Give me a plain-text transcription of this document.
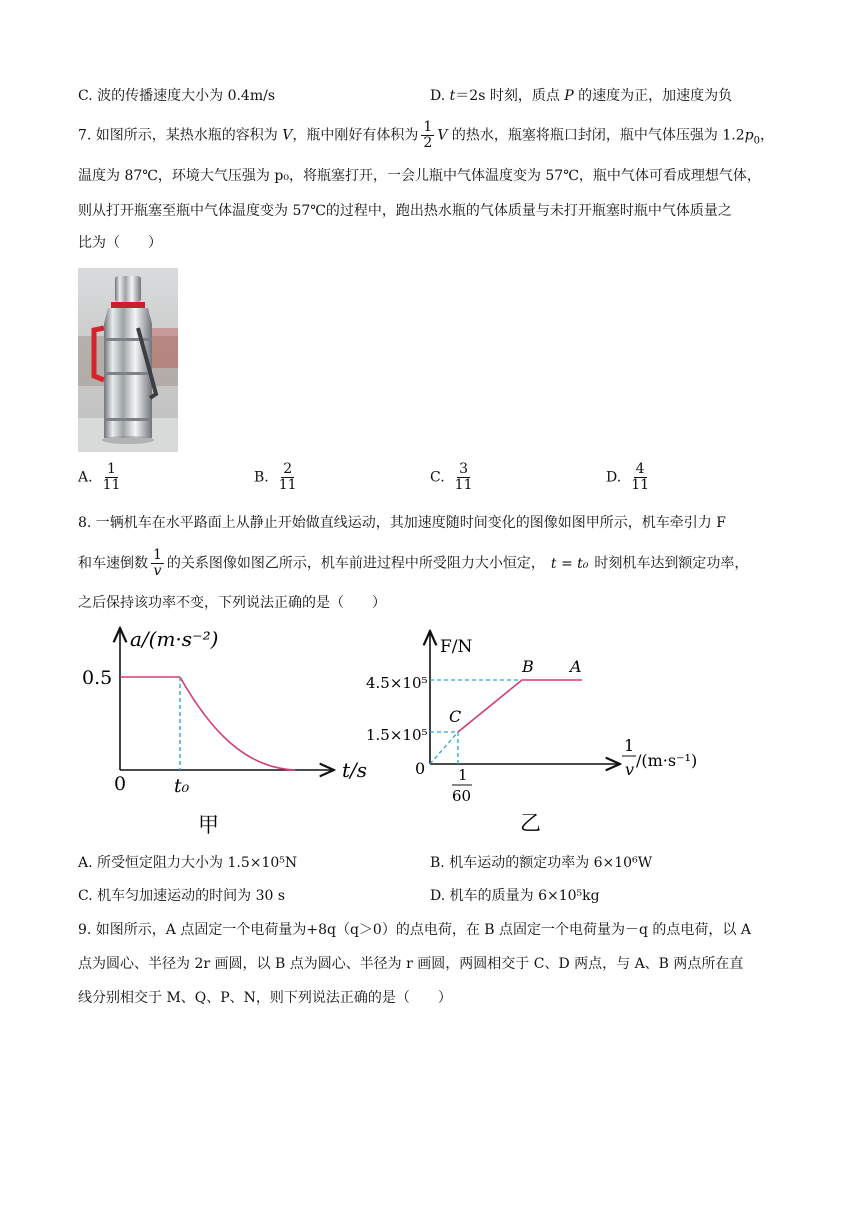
C. 波的传播速度大小为 0.4m/s	D. t＝2s 时刻，质点 P 的速度为正，加速度为负
7. 如图所示，某热水瓶的容积为 V，瓶中刚好有体积为 $\frac{1}{2}$ V 的热水，瓶塞将瓶口封闭，瓶中气体压强为 $1.2p_0$，
温度为 87℃，环境大气压强为 p₀，将瓶塞打开，一会儿瓶中气体温度变为 57℃，瓶中气体可看成理想气体，
则从打开瓶塞至瓶中气体温度变为 57℃的过程中，跑出热水瓶的气体质量与未打开瓶塞时瓶中气体质量之
比为（　　）
A. $\frac{1}{11}$	B. $\frac{2}{11}$	C. $\frac{3}{11}$	D. $\frac{4}{11}$
8. 一辆机车在水平路面上从静止开始做直线运动，其加速度随时间变化的图像如图甲所示，机车牵引力 F
和车速倒数 $\frac{1}{v}$ 的关系图像如图乙所示，机车前进过程中所受阻力大小恒定， t = t₀ 时刻机车达到额定功率，
之后保持该功率不变，下列说法正确的是（　　）
a/(m·s⁻²)
t/s
0.5
0	t₀
甲
F/N
0
4.5×10⁵
1.5×10⁵
1
60
1
v /(m·s⁻¹)
C
B A
乙
A. 所受恒定阻力大小为 1.5×10⁵N	B. 机车运动的额定功率为 6×10⁶W
C. 机车匀加速运动的时间为 30 s	D. 机车的质量为 6×10⁵kg
9. 如图所示，A 点固定一个电荷量为+8q（q＞0）的点电荷，在 B 点固定一个电荷量为－q 的点电荷，以 A
点为圆心、半径为 2r 画圆，以 B 点为圆心、半径为 r 画圆，两圆相交于 C、D 两点，与 A、B 两点所在直
线分别相交于 M、Q、P、N，则下列说法正确的是（　　）
